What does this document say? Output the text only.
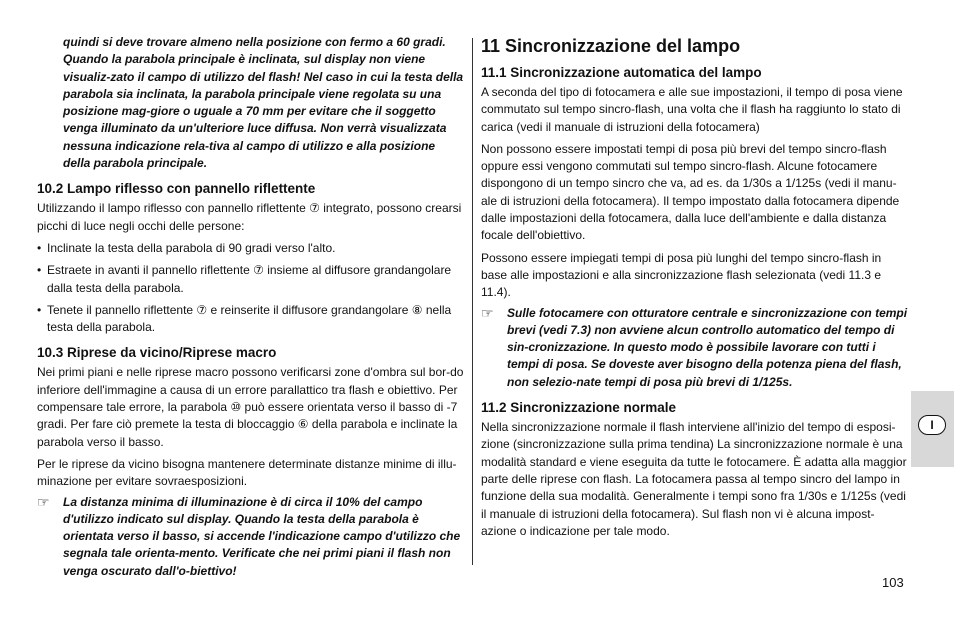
quindi si deve trovare almeno nella posizione con fermo a 60 gradi. Quando la parabola principale è inclinata, sul display non viene visualiz-zato il campo di utilizzo del flash! Nel caso in cui la testa della parabola sia inclinata, la parabola principale viene regolata su una posizione mag-giore o uguale a 70 mm per evitare che il soggetto venga illuminato da un'ulteriore luce diffusa. Non verrà visualizzata nessuna indicazione rela-tiva al campo di utilizzo e alla posizione della parabola principale.

10.2 Lampo riflesso con pannello riflettente

Utilizzando il lampo riflesso con pannello riflettente ⑦ integrato, possono crearsi picchi di luce negli occhi delle persone:

• Inclinate la testa della parabola di 90 gradi verso l'alto.

• Estraete in avanti il pannello riflettente ⑦ insieme al diffusore grandangolare dalla testa della parabola.

• Tenete il pannello riflettente ⑦ e reinserite il diffusore grandangolare ⑧ nella testa della parabola.

10.3 Riprese da vicino/Riprese macro

Nei primi piani e nelle riprese macro possono verificarsi zone d'ombra sul bor-do inferiore dell'immagine a causa di un errore parallattico tra flash e obiettivo. Per compensare tale errore, la parabola ⑩ può essere orientata verso il basso di -7 gradi. Per fare ciò premete la testa di bloccaggio ⑥ della parabola e inclinate la parabola verso il basso.

Per le riprese da vicino bisogna mantenere determinate distanze minime di illu-minazione per evitare sovraesposizioni.

☞ La distanza minima di illuminazione è di circa il 10% del campo d'utilizzo indicato sul display. Quando la testa della parabola è orientata verso il basso, si accende l'indicazione campo d'utilizzo che segnala tale orienta-mento. Verificate che nei primi piani il flash non venga oscurato dall'o-biettivo!

11 Sincronizzazione del lampo

11.1 Sincronizzazione automatica del lampo

A seconda del tipo di fotocamera e alle sue impostazioni, il tempo di posa viene commutato sul tempo sincro-flash, una volta che il flash ha raggiunto lo stato di carica (vedi il manuale di istruzioni della fotocamera)

Non possono essere impostati tempi di posa più brevi del tempo sincro-flash oppure essi vengono commutati sul tempo sincro-flash. Alcune fotocamere dispongono di un tempo sincro che va, ad es. da 1/30s a 1/125s (vedi il manu-ale di istruzioni della fotocamera). Il tempo impostato dalla fotocamera dipende dalle impostazioni della fotocamera, dalla luce dell'ambiente e dalla distanza focale dell'obiettivo.

Possono essere impiegati tempi di posa più lunghi del tempo sincro-flash in base alle impostazioni e alla sincronizzazione flash selezionata (vedi 11.3 e 11.4).

☞ Sulle fotocamere con otturatore centrale e sincronizzazione con tempi brevi (vedi 7.3) non avviene alcun controllo automatico del tempo di sin-cronizzazione. In questo modo è possibile lavorare con tutti i tempi di posa. Se doveste aver bisogno della potenza piena del flash, non selezio-nate tempi di posa più brevi di 1/125s.

11.2 Sincronizzazione normale

Nella sincronizzazione normale il flash interviene all'inizio del tempo di esposi-zione (sincronizzazione sulla prima tendina) La sincronizzazione normale è una modalità standard e viene eseguita da tutte le fotocamere. È adatta alla maggior parte delle riprese con flash. La fotocamera passa al tempo sincro del lampo in funzione della sua modalità. Generalmente i tempi sono fra 1/30s e 1/125s (vedi il manuale di istruzioni della fotocamera). Sul flash non vi è alcuna impost-azione o indicazione per tale modo.

I
103
